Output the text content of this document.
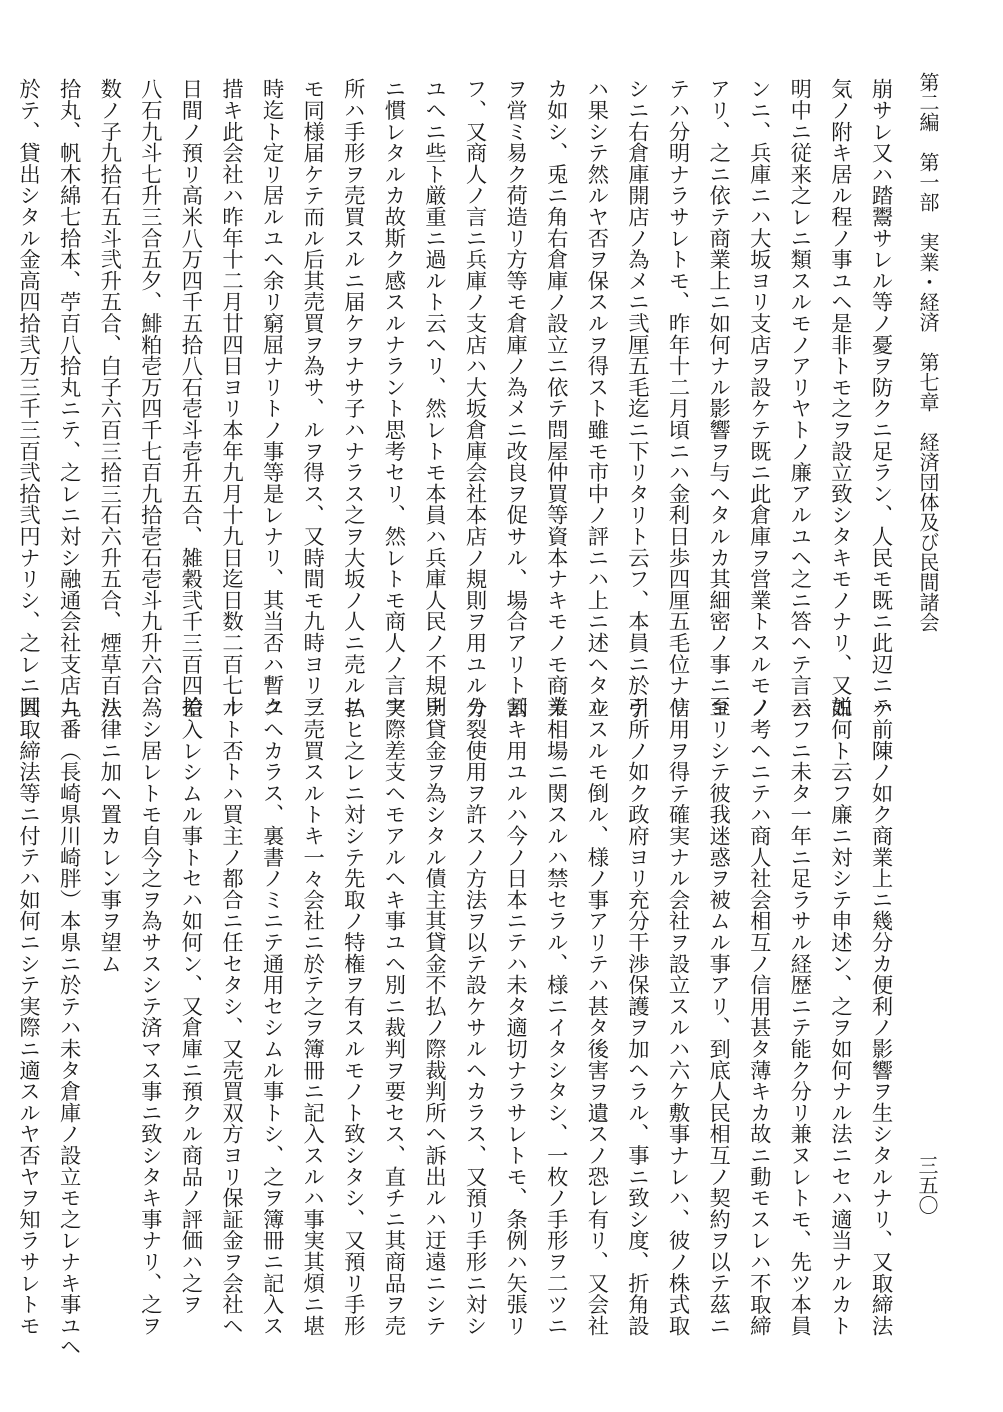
第二編　第一部　実業・経済　第七章　経済団体及び民間諸会
三五〇
崩サレ又ハ踏鬻サレル等ノ憂ヲ防クニ足ラン、人民モ既ニ此辺ニハ
気ノ附キ居ル程ノ事ユヘ是非トモ之ヲ設立致シタキモノナリ、又説
明中ニ従来之レニ類スルモノアリヤトノ廉アルユヘ之ニ答ヘテ言ハ
ンニ、兵庫ニハ大坂ヨリ支店ヲ設ケテ既ニ此倉庫ヲ営業トスルモノ
アリ、之ニ依テ商業上ニ如何ナル影響ヲ与ヘタルカ其細密ノ事ニ至
テハ分明ナラサレトモ、昨年十二月頃ニハ金利日歩四厘五毛位ナリ
シニ右倉庫開店ノ為メニ弐厘五毛迄ニ下リタリト云フ、本員ニ於テ
ハ果シテ然ルヤ否ヲ保スルヲ得スト雖モ市中ノ評ニハ上ニ述ヘタル
カ如シ、兎ニ角右倉庫ノ設立ニ依テ問屋仲買等資本ナキモノモ商業
ヲ営ミ易ク荷造リ方等モ倉庫ノ為メニ改良ヲ促サル、場合アリト云
フ、又商人ノ言ニ兵庫ノ支店ハ大坂倉庫会社本店ノ規則ヲ用ユルカ
ユヘニ些ト厳重ニ過ルト云ヘリ、然レトモ本員ハ兵庫人民ノ不規則
ニ慣レタルカ故斯ク感スルナラント思考セリ、然レトモ商人ノ言フ
所ハ手形ヲ売買スルニ届ケヲナサ子ハナラス之ヲ大坂ノ人ニ売ルニ
モ同様届ケテ而ル后其売買ヲ為サ、ルヲ得ス、又時間モ九時ヨリ三
時迄ト定リ居ルユヘ余リ窮屈ナリトノ事等是レナリ、其当否ハ暫ク
措キ此会社ハ昨年十二月廿四日ヨリ本年九月十九日迄日数二百七十
日間ノ預リ高米八万四千五拾八石壱斗壱升五合、雑穀弐千三百四拾
八石九斗七升三合五夕、鯡粕壱万四千七百九拾壱石壱斗九升六合、
数ノ子九拾石五斗弐升五合、白子六百三拾三石六升五合、煙草百八
拾丸、帆木綿七拾本、苧百八拾丸ニテ、之レニ対シ融通会社支店ニ
於テ、貸出シタル金高四拾弐万三千三百弐拾弐円ナリシ、之レニ因
テ前陳ノ如ク商業上ニ幾分カ便利ノ影響ヲ生シタルナリ、又取締法
如何ト云フ廉ニ対シテ申述ン、之ヲ如何ナル法ニセハ適当ナルカト
云フニ未タ一年ニ足ラサル経歴ニテ能ク分リ兼ヌレトモ、先ツ本員
ノ考ヘニテハ商人社会相互ノ信用甚タ薄キカ故ニ動モスレハ不取締
ヨリシテ彼我迷惑ヲ被ムル事アリ、到底人民相互ノ契約ヲ以テ茲ニ
信用ヲ得テ確実ナル会社ヲ設立スルハ六ケ敷事ナレハ、彼ノ株式取
引所ノ如ク政府ヨリ充分干渉保護ヲ加ヘラル、事ニ致シ度、折角設
立スルモ倒ル、様ノ事アリテハ甚タ後害ヲ遺スノ恐レ有リ、又会社
カ相場ニ関スルハ禁セラル、様ニイタシタシ、一枚ノ手形ヲ二ツニ
割キ用ユルハ今ノ日本ニテハ未タ適切ナラサレトモ、条例ハ矢張リ
分裂使用ヲ許スノ方法ヲ以テ設ケサルヘカラス、又預リ手形ニ対シ
テ貸金ヲ為シタル債主其貸金不払ノ際裁判所ヘ訴出ルハ迂遠ニシテ
実際差支ヘモアルヘキ事ユヘ別ニ裁判ヲ要セス、直チニ其商品ヲ売
払ヒ之レニ対シテ先取ノ特権ヲ有スルモノト致シタシ、又預リ手形
ヲ売買スルトキ一々会社ニ於テ之ヲ簿冊ニ記入スルハ事実其煩ニ堪
ユヘカラス、裏書ノミニテ通用セシムル事トシ、之ヲ簿冊ニ記入ス
ルト否トハ買主ノ都合ニ任セタシ、又売買双方ヨリ保証金ヲ会社ヘ
差入レシムル事トセハ如何ン、又倉庫ニ預クル商品ノ評価ハ之ヲ
為シ居レトモ自今之ヲ為サスシテ済マス事ニ致シタキ事ナリ、之ヲ
法律ニ加ヘ置カレン事ヲ望ム
九番（長崎県川崎胖）本県ニ於テハ未タ倉庫ノ設立モ之レナキ事ユヘ
其取締法等ニ付テハ如何ニシテ実際ニ適スルヤ否ヤヲ知ラサレトモ
